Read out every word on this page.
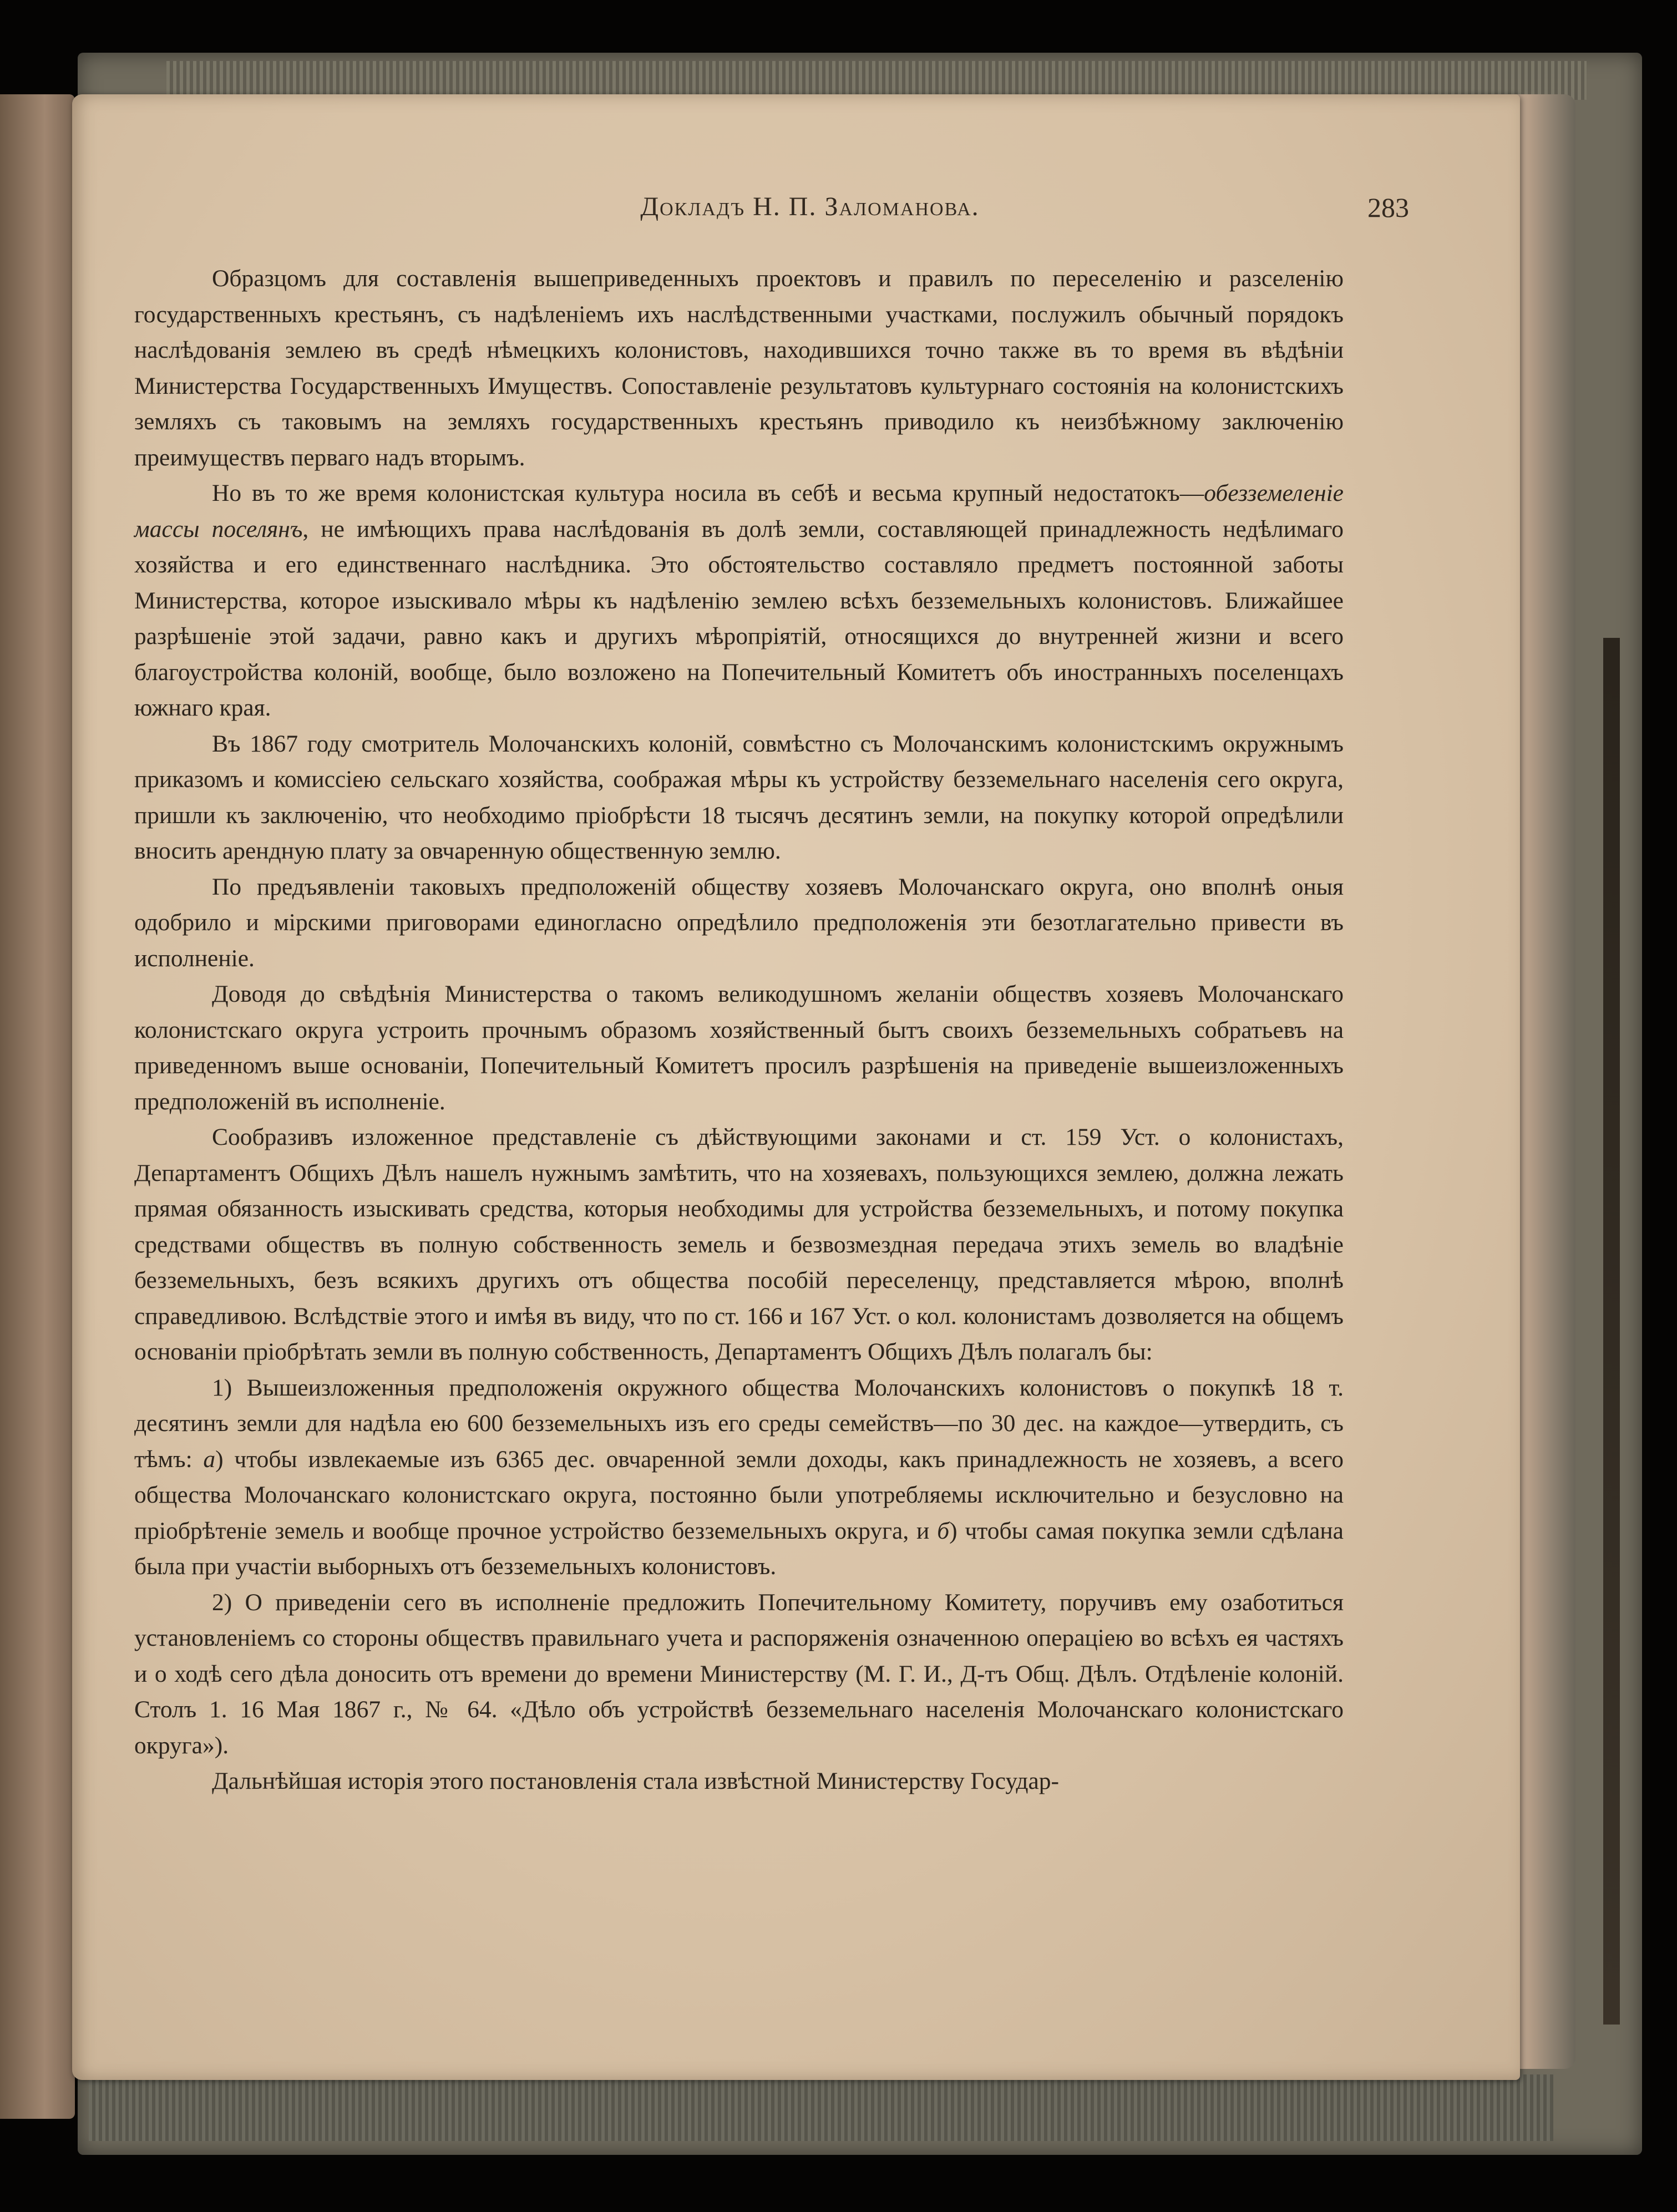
Докладъ Н. П. Заломанова.	283

Образцомъ для составленія вышеприведенныхъ проектовъ и правилъ по переселенію и разселенію государственныхъ крестьянъ, съ надѣленіемъ ихъ наслѣдственными участками, послужилъ обычный порядокъ наслѣдованія землею въ средѣ нѣмецкихъ колонистовъ, находившихся точно также въ то время въ вѣдѣніи Министерства Государственныхъ Имуществъ. Сопоставленіе результатовъ культурнаго состоянія на колонистскихъ земляхъ съ таковымъ на земляхъ государственныхъ крестьянъ приводило къ неизбѣжному заключенію преимуществъ перваго надъ вторымъ.

Но въ то же время колонистская культура носила въ себѣ и весьма крупный недостатокъ—обезземеленіе массы поселянъ, не имѣющихъ права наслѣдованія въ долѣ земли, составляющей принадлежность недѣлимаго хозяйства и его единственнаго наслѣдника. Это обстоятельство составляло предметъ постоянной заботы Министерства, которое изыскивало мѣры къ надѣленію землею всѣхъ безземельныхъ колонистовъ. Ближайшее разрѣшеніе этой задачи, равно какъ и другихъ мѣропріятій, относящихся до внутренней жизни и всего благоустройства колоній, вообще, было возложено на Попечительный Комитетъ объ иностранныхъ поселенцахъ южнаго края.

Въ 1867 году смотритель Молочанскихъ колоній, совмѣстно съ Молочанскимъ колонистскимъ окружнымъ приказомъ и комиссіею сельскаго хозяйства, соображая мѣры къ устройству безземельнаго населенія сего округа, пришли къ заключенію, что необходимо пріобрѣсти 18 тысячъ десятинъ земли, на покупку которой опредѣлили вносить арендную плату за овчаренную общественную землю.

По предъявленіи таковыхъ предположеній обществу хозяевъ Молочанскаго округа, оно вполнѣ оныя одобрило и мірскими приговорами единогласно опредѣлило предположенія эти безотлагательно привести въ исполненіе.

Доводя до свѣдѣнія Министерства о такомъ великодушномъ желаніи обществъ хозяевъ Молочанскаго колонистскаго округа устроить прочнымъ образомъ хозяйственный бытъ своихъ безземельныхъ собратьевъ на приведенномъ выше основаніи, Попечительный Комитетъ просилъ разрѣшенія на приведеніе вышеизложенныхъ предположеній въ исполненіе.

Сообразивъ изложенное представленіе съ дѣйствующими законами и ст. 159 Уст. о колонистахъ, Департаментъ Общихъ Дѣлъ нашелъ нужнымъ замѣтить, что на хозяевахъ, пользующихся землею, должна лежать прямая обязанность изыскивать средства, которыя необходимы для устройства безземельныхъ, и потому покупка средствами обществъ въ полную собственность земель и безвозмездная передача этихъ земель во владѣніе безземельныхъ, безъ всякихъ другихъ отъ общества пособій переселенцу, представляется мѣрою, вполнѣ справедливою. Вслѣдствіе этого и имѣя въ виду, что по ст. 166 и 167 Уст. о кол. колонистамъ дозволяется на общемъ основаніи пріобрѣтать земли въ полную собственность, Департаментъ Общихъ Дѣлъ полагалъ бы:

1) Вышеизложенныя предположенія окружного общества Молочанскихъ колонистовъ о покупкѣ 18 т. десятинъ земли для надѣла ею 600 безземельныхъ изъ его среды семействъ—по 30 дес. на каждое—утвердить, съ тѣмъ: а) чтобы извлекаемые изъ 6365 дес. овчаренной земли доходы, какъ принадлежность не хозяевъ, а всего общества Молочанскаго колонистскаго округа, постоянно были употребляемы исключительно и безусловно на пріобрѣтеніе земель и вообще прочное устройство безземельныхъ округа, и б) чтобы самая покупка земли сдѣлана была при участіи выборныхъ отъ безземельныхъ колонистовъ.

2) О приведеніи сего въ исполненіе предложить Попечительному Комитету, поручивъ ему озаботиться установленіемъ со стороны обществъ правильнаго учета и распоряженія означенною операціею во всѣхъ ея частяхъ и о ходѣ сего дѣла доносить отъ времени до времени Министерству (М. Г. И., Д-тъ Общ. Дѣлъ. Отдѣленіе колоній. Столъ 1. 16 Мая 1867 г., № 64. «Дѣло объ устройствѣ безземельнаго населенія Молочанскаго колонистскаго округа»).

Дальнѣйшая исторія этого постановленія стала извѣстной Министерству Государ-
